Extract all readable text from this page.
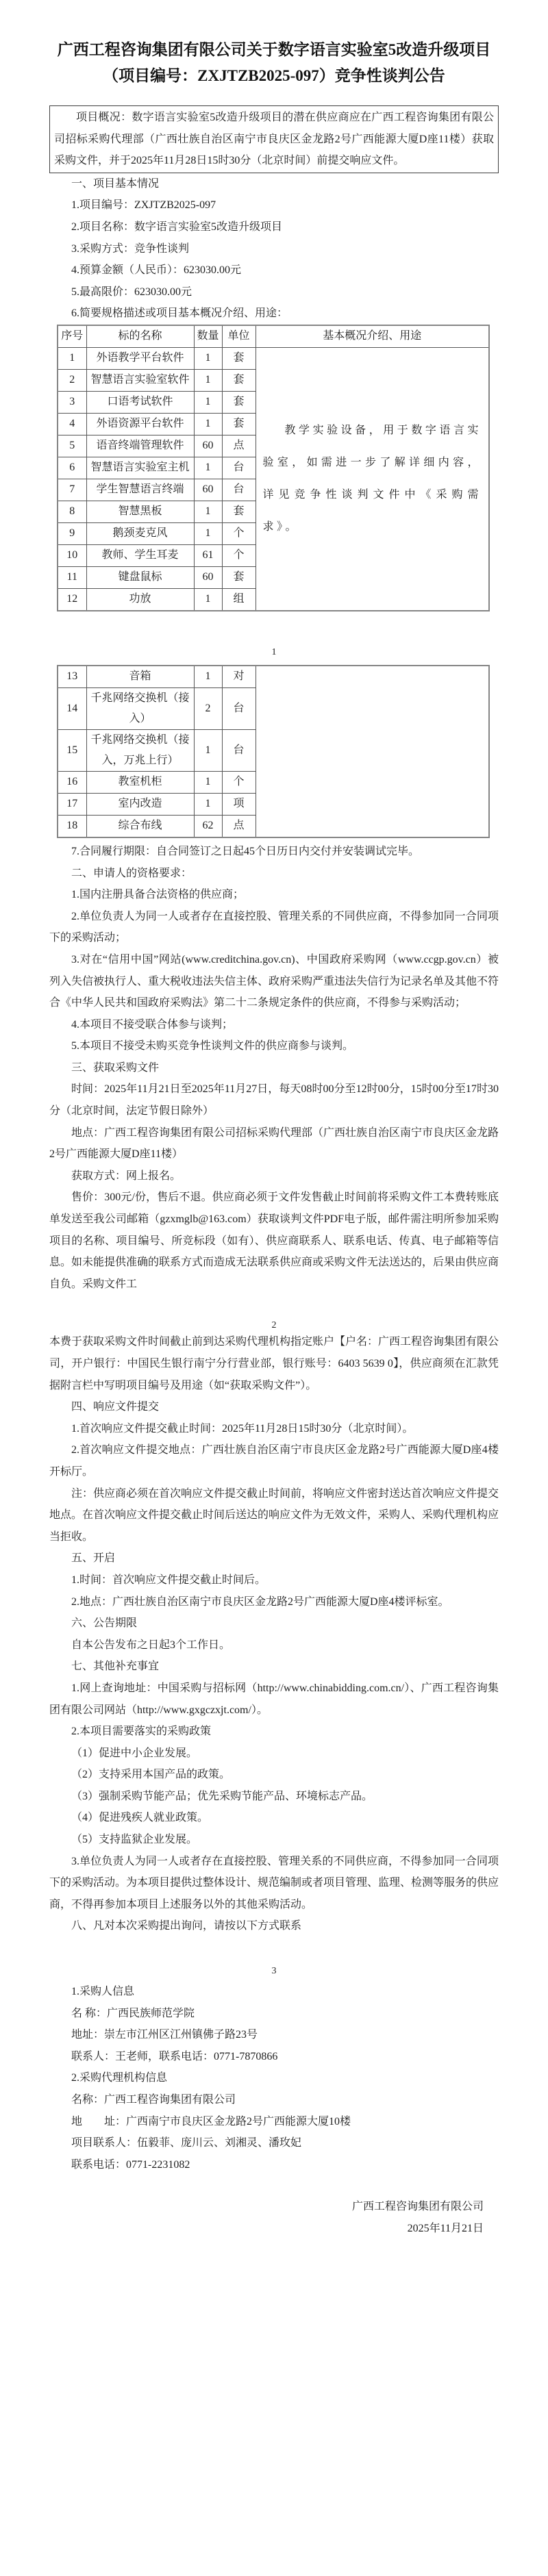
广西工程咨询集团有限公司关于数字语言实验室5改造升级项目

（项目编号：ZXJTZB2025-097）竞争性谈判公告

项目概况：数字语言实验室5改造升级项目的潜在供应商应在广西工程咨询集团有限公司招标采购代理部（广西壮族自治区南宁市良庆区金龙路2号广西能源大厦D座11楼）获取采购文件，并于2025年11月28日15时30分（北京时间）前提交响应文件。

一、项目基本情况

1.项目编号：ZXJTZB2025-097

2.项目名称：数字语言实验室5改造升级项目

3.采购方式：竞争性谈判

4.预算金额（人民币）：623030.00元

5.最高限价：623030.00元

6.简要规格描述或项目基本概况介绍、用途：

序号	标的名称	数量	单位	基本概况介绍、用途
1	外语教学平台软件	1	套	教学实验设备，用于数字语言实验室，如需进一步了解详细内容，详见竞争性谈判文件中《采购需求》。
2	智慧语言实验室软件	1	套	
3	口语考试软件	1	套	
4	外语资源平台软件	1	套	
5	语音终端管理软件	60	点	
6	智慧语言实验室主机	1	台	
7	学生智慧语言终端	60	台	
8	智慧黑板	1	套	
9	鹅颈麦克风	1	个	
10	教师、学生耳麦	61	个	
11	键盘鼠标	60	套	
12	功放	1	组	
1
13	音箱	1	对	
14	千兆网络交换机（接入）	2	台	
15	千兆网络交换机（接入，万兆上行）	1	台	
16	教室机柜	1	个	
17	室内改造	1	项	
18	综合布线	62	点	

7.合同履行期限：自合同签订之日起45个日历日内交付并安装调试完毕。

二、申请人的资格要求：

1.国内注册具备合法资格的供应商；

2.单位负责人为同一人或者存在直接控股、管理关系的不同供应商，不得参加同一合同项下的采购活动；

3.对在“信用中国”网站(www.creditchina.gov.cn)、中国政府采购网（www.ccgp.gov.cn）被列入失信被执行人、重大税收违法失信主体、政府采购严重违法失信行为记录名单及其他不符合《中华人民共和国政府采购法》第二十二条规定条件的供应商，不得参与采购活动；

4.本项目不接受联合体参与谈判；

5.本项目不接受未购买竞争性谈判文件的供应商参与谈判。

三、获取采购文件

时间：2025年11月21日至2025年11月27日，每天08时00分至12时00分，15时00分至17时30分（北京时间，法定节假日除外）

地点：广西工程咨询集团有限公司招标采购代理部（广西壮族自治区南宁市良庆区金龙路2号广西能源大厦D座11楼）

获取方式：网上报名。

售价：300元/份，售后不退。供应商必须于文件发售截止时间前将采购文件工本费转账底单发送至我公司邮箱（gzxmglb@163.com）获取谈判文件PDF电子版，邮件需注明所参加采购项目的名称、项目编号、所竞标段（如有）、供应商联系人、联系电话、传真、电子邮箱等信息。如未能提供准确的联系方式而造成无法联系供应商或采购文件无法送达的，后果由供应商自负。采购文件工

2

本费于获取采购文件时间截止前到达采购代理机构指定账户【户名：广西工程咨询集团有限公司，开户银行：中国民生银行南宁分行营业部，银行账号：6403 5639 0】，供应商须在汇款凭据附言栏中写明项目编号及用途（如“获取采购文件”）。

四、响应文件提交

1.首次响应文件提交截止时间：2025年11月28日15时30分（北京时间）。

2.首次响应文件提交地点：广西壮族自治区南宁市良庆区金龙路2号广西能源大厦D座4楼开标厅。

注：供应商必须在首次响应文件提交截止时间前，将响应文件密封送达首次响应文件提交地点。在首次响应文件提交截止时间后送达的响应文件为无效文件，采购人、采购代理机构应当拒收。

五、开启

1.时间：首次响应文件提交截止时间后。

2.地点：广西壮族自治区南宁市良庆区金龙路2号广西能源大厦D座4楼评标室。

六、公告期限

自本公告发布之日起3个工作日。

七、其他补充事宜

1.网上查询地址：中国采购与招标网（http://www.chinabidding.com.cn/）、广西工程咨询集团有限公司网站（http://www.gxgczxjt.com/）。

2.本项目需要落实的采购政策

（1）促进中小企业发展。

（2）支持采用本国产品的政策。

（3）强制采购节能产品；优先采购节能产品、环境标志产品。

（4）促进残疾人就业政策。

（5）支持监狱企业发展。

3.单位负责人为同一人或者存在直接控股、管理关系的不同供应商，不得参加同一合同项下的采购活动。为本项目提供过整体设计、规范编制或者项目管理、监理、检测等服务的供应商，不得再参加本项目上述服务以外的其他采购活动。

八、凡对本次采购提出询问，请按以下方式联系

3

1.采购人信息

名 称：广西民族师范学院

地址：崇左市江州区江州镇佛子路23号

联系人：王老师，联系电话：0771-7870866

2.采购代理机构信息

名称：广西工程咨询集团有限公司

地　　址：广西南宁市良庆区金龙路2号广西能源大厦10楼

项目联系人：伍毅菲、庞川云、刘湘灵、潘玫妃

联系电话：0771-2231082

广西工程咨询集团有限公司
2025年11月21日
